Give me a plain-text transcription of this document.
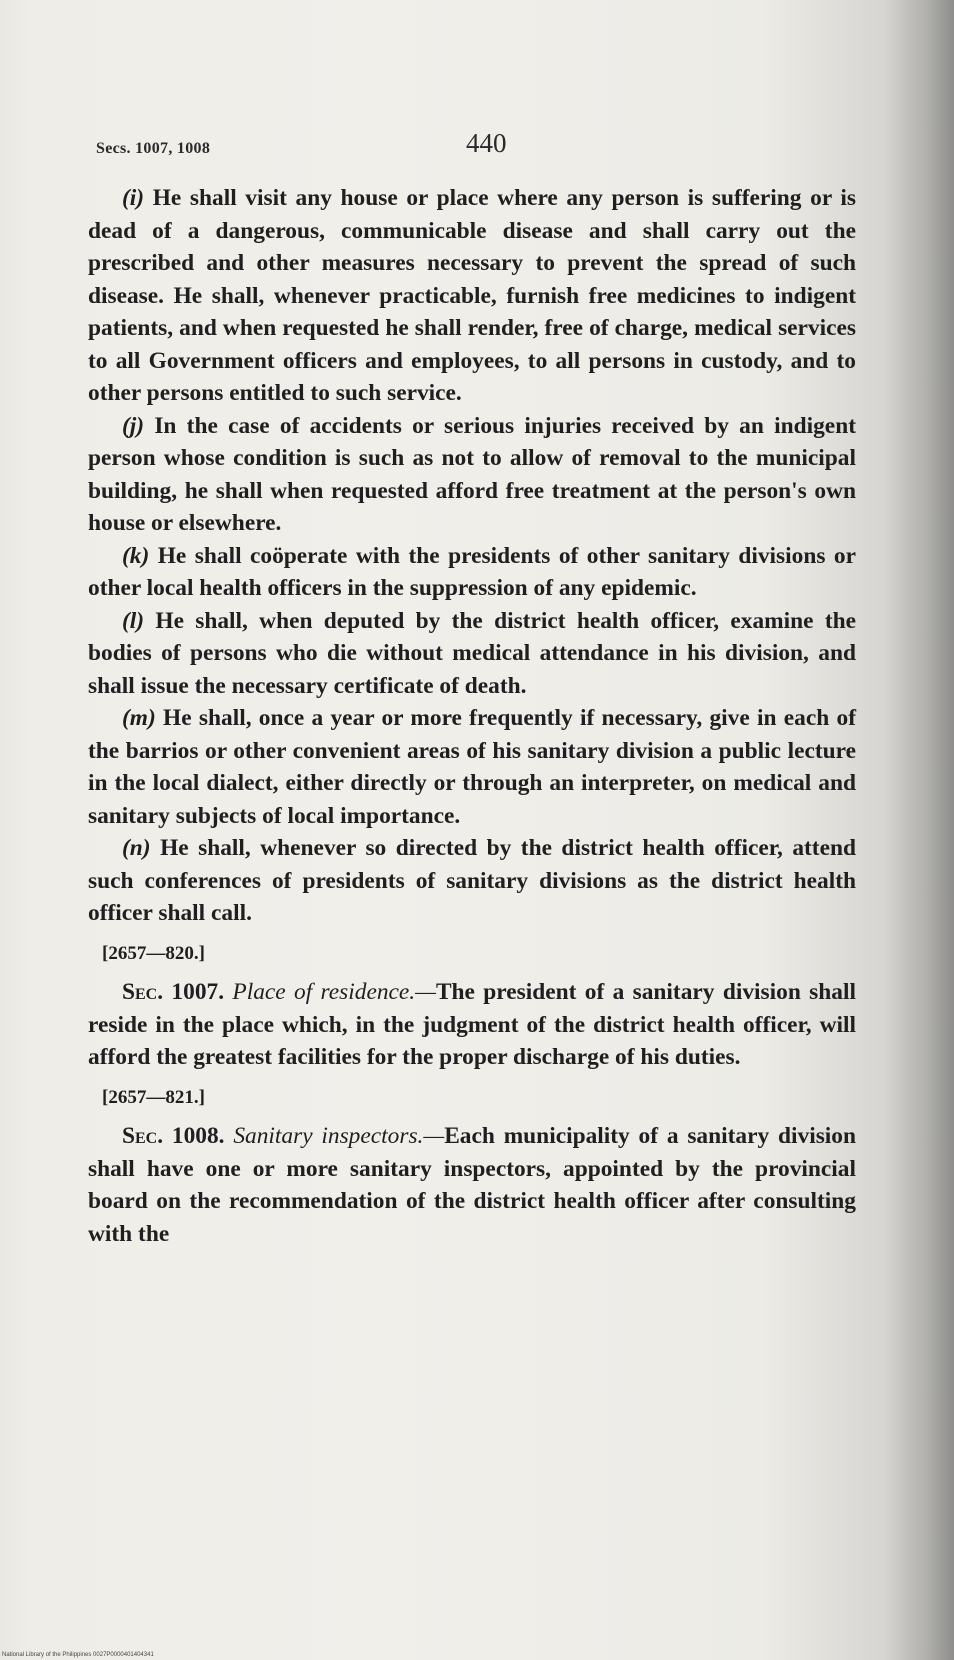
Secs. 1007, 1008	440

(i) He shall visit any house or place where any person is suffering or is dead of a dangerous, communicable disease and shall carry out the prescribed and other measures necessary to prevent the spread of such disease. He shall, whenever practicable, furnish free medicines to indigent patients, and when requested he shall render, free of charge, medical services to all Government officers and employees, to all persons in custody, and to other persons entitled to such service.

(j) In the case of accidents or serious injuries received by an indigent person whose condition is such as not to allow of removal to the municipal building, he shall when requested afford free treatment at the person's own house or elsewhere.

(k) He shall coöperate with the presidents of other sanitary divisions or other local health officers in the suppression of any epidemic.

(l) He shall, when deputed by the district health officer, examine the bodies of persons who die without medical attendance in his division, and shall issue the necessary certificate of death.

(m) He shall, once a year or more frequently if necessary, give in each of the barrios or other convenient areas of his sanitary division a public lecture in the local dialect, either directly or through an interpreter, on medical and sanitary subjects of local importance.

(n) He shall, whenever so directed by the district health officer, attend such conferences of presidents of sanitary divisions as the district health officer shall call.

[2657—820.]

Sec. 1007. Place of residence.—The president of a sanitary division shall reside in the place which, in the judgment of the district health officer, will afford the greatest facilities for the proper discharge of his duties.

[2657—821.]

Sec. 1008. Sanitary inspectors.—Each municipality of a sanitary division shall have one or more sanitary inspectors, appointed by the provincial board on the recommendation of the district health officer after consulting with the

National Library of the Philippines 0027P0000401404341
